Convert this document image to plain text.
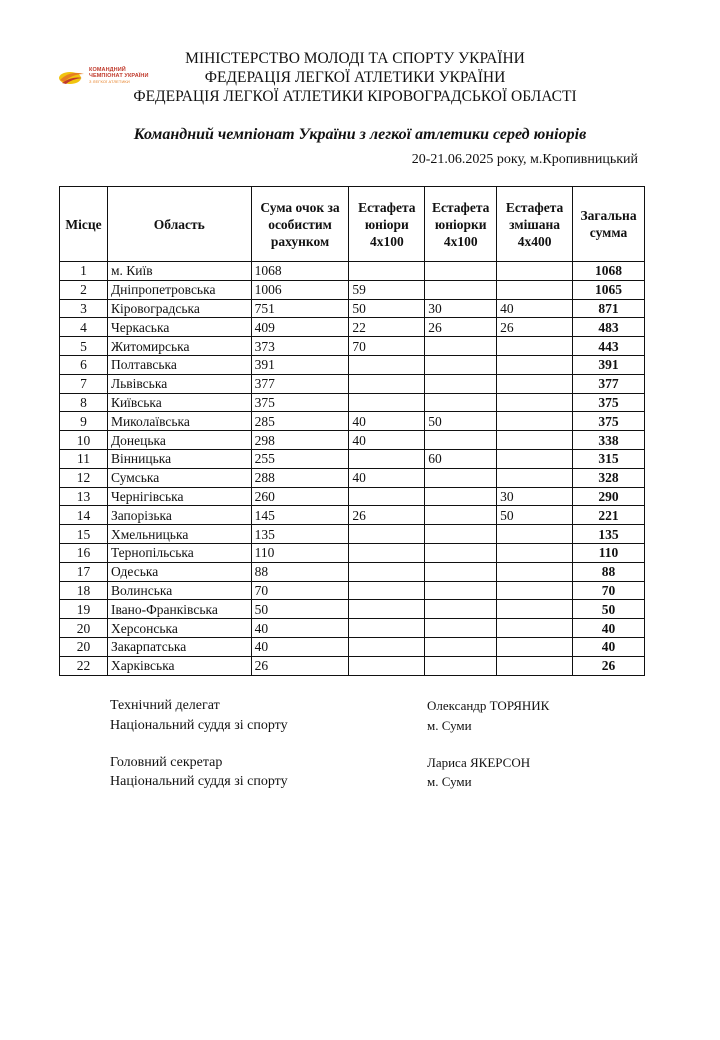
КОМАНДНИЙ
ЧЕМПІОНАТ УКРАЇНИ
З ЛЕГКОЇ АТЛЕТИКИ
МІНІСТЕРСТВО МОЛОДІ ТА СПОРТУ УКРАЇНИ
ФЕДЕРАЦІЯ ЛЕГКОЇ АТЛЕТИКИ УКРАЇНИ
ФЕДЕРАЦІЯ ЛЕГКОЇ АТЛЕТИКИ КІРОВОГРАДСЬКОЇ ОБЛАСТІ
Командний чемпіонат України з легкої атлетики серед юніорів
20-21.06.2025 року, м.Кропивницький
Місце	Область	Сума очок за особистим рахунком	Естафета юніори 4х100	Естафета юніорки 4х100	Естафета змішана 4х400	Загальна сумма
1	м. Київ	1068				1068
2	Дніпропетровська	1006	59			1065
3	Кіровоградська	751	50	30	40	871
4	Черкаська	409	22	26	26	483
5	Житомирська	373	70			443
6	Полтавська	391				391
7	Львівська	377				377
8	Київська	375				375
9	Миколаївська	285	40	50		375
10	Донецька	298	40			338
11	Вінницька	255		60		315
12	Сумська	288	40			328
13	Чернігівська	260			30	290
14	Запорізька	145	26		50	221
15	Хмельницька	135				135
16	Тернопільська	110				110
17	Одеська	88				88
18	Волинська	70				70
19	Івано-Франківська	50				50
20	Херсонська	40				40
20	Закарпатська	40				40
22	Харківська	26				26
Технічний делегат
Національний суддя зі спорту
Олександр ТОРЯНИК
м. Суми
Головний секретар
Національний суддя зі спорту
Лариса ЯКЕРСОН
м. Суми
